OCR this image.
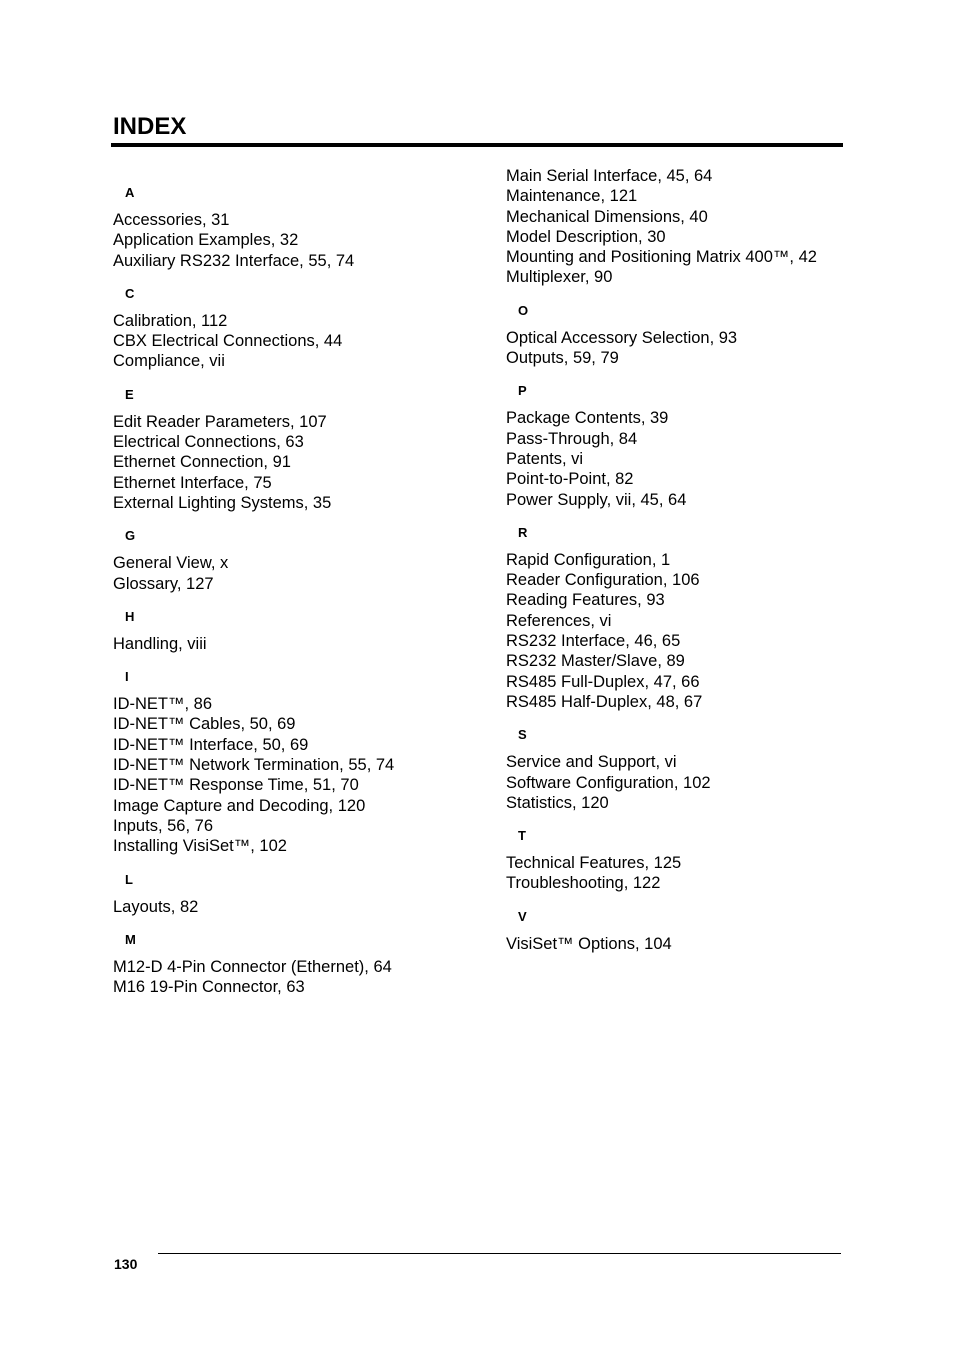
INDEX
A
Accessories, 31
Application Examples, 32
Auxiliary RS232 Interface, 55, 74
C
Calibration, 112
CBX Electrical Connections, 44
Compliance, vii
E
Edit Reader Parameters, 107
Electrical Connections, 63
Ethernet Connection, 91
Ethernet Interface, 75
External Lighting Systems, 35
G
General View, x
Glossary, 127
H
Handling, viii
I
ID-NET™, 86
ID-NET™ Cables, 50, 69
ID-NET™ Interface, 50, 69
ID-NET™ Network Termination, 55, 74
ID-NET™ Response Time, 51, 70
Image Capture and Decoding, 120
Inputs, 56, 76
Installing VisiSet™, 102
L
Layouts, 82
M
M12-D 4-Pin Connector (Ethernet), 64
M16 19-Pin Connector, 63
Main Serial Interface, 45, 64
Maintenance, 121
Mechanical Dimensions, 40
Model Description, 30
Mounting and Positioning Matrix 400™, 42
Multiplexer, 90
O
Optical Accessory Selection, 93
Outputs, 59, 79
P
Package Contents, 39
Pass-Through, 84
Patents, vi
Point-to-Point, 82
Power Supply, vii, 45, 64
R
Rapid Configuration, 1
Reader Configuration, 106
Reading Features, 93
References, vi
RS232 Interface, 46, 65
RS232 Master/Slave, 89
RS485 Full-Duplex, 47, 66
RS485 Half-Duplex, 48, 67
S
Service and Support, vi
Software Configuration, 102
Statistics, 120
T
Technical Features, 125
Troubleshooting, 122
V
VisiSet™ Options, 104
130
